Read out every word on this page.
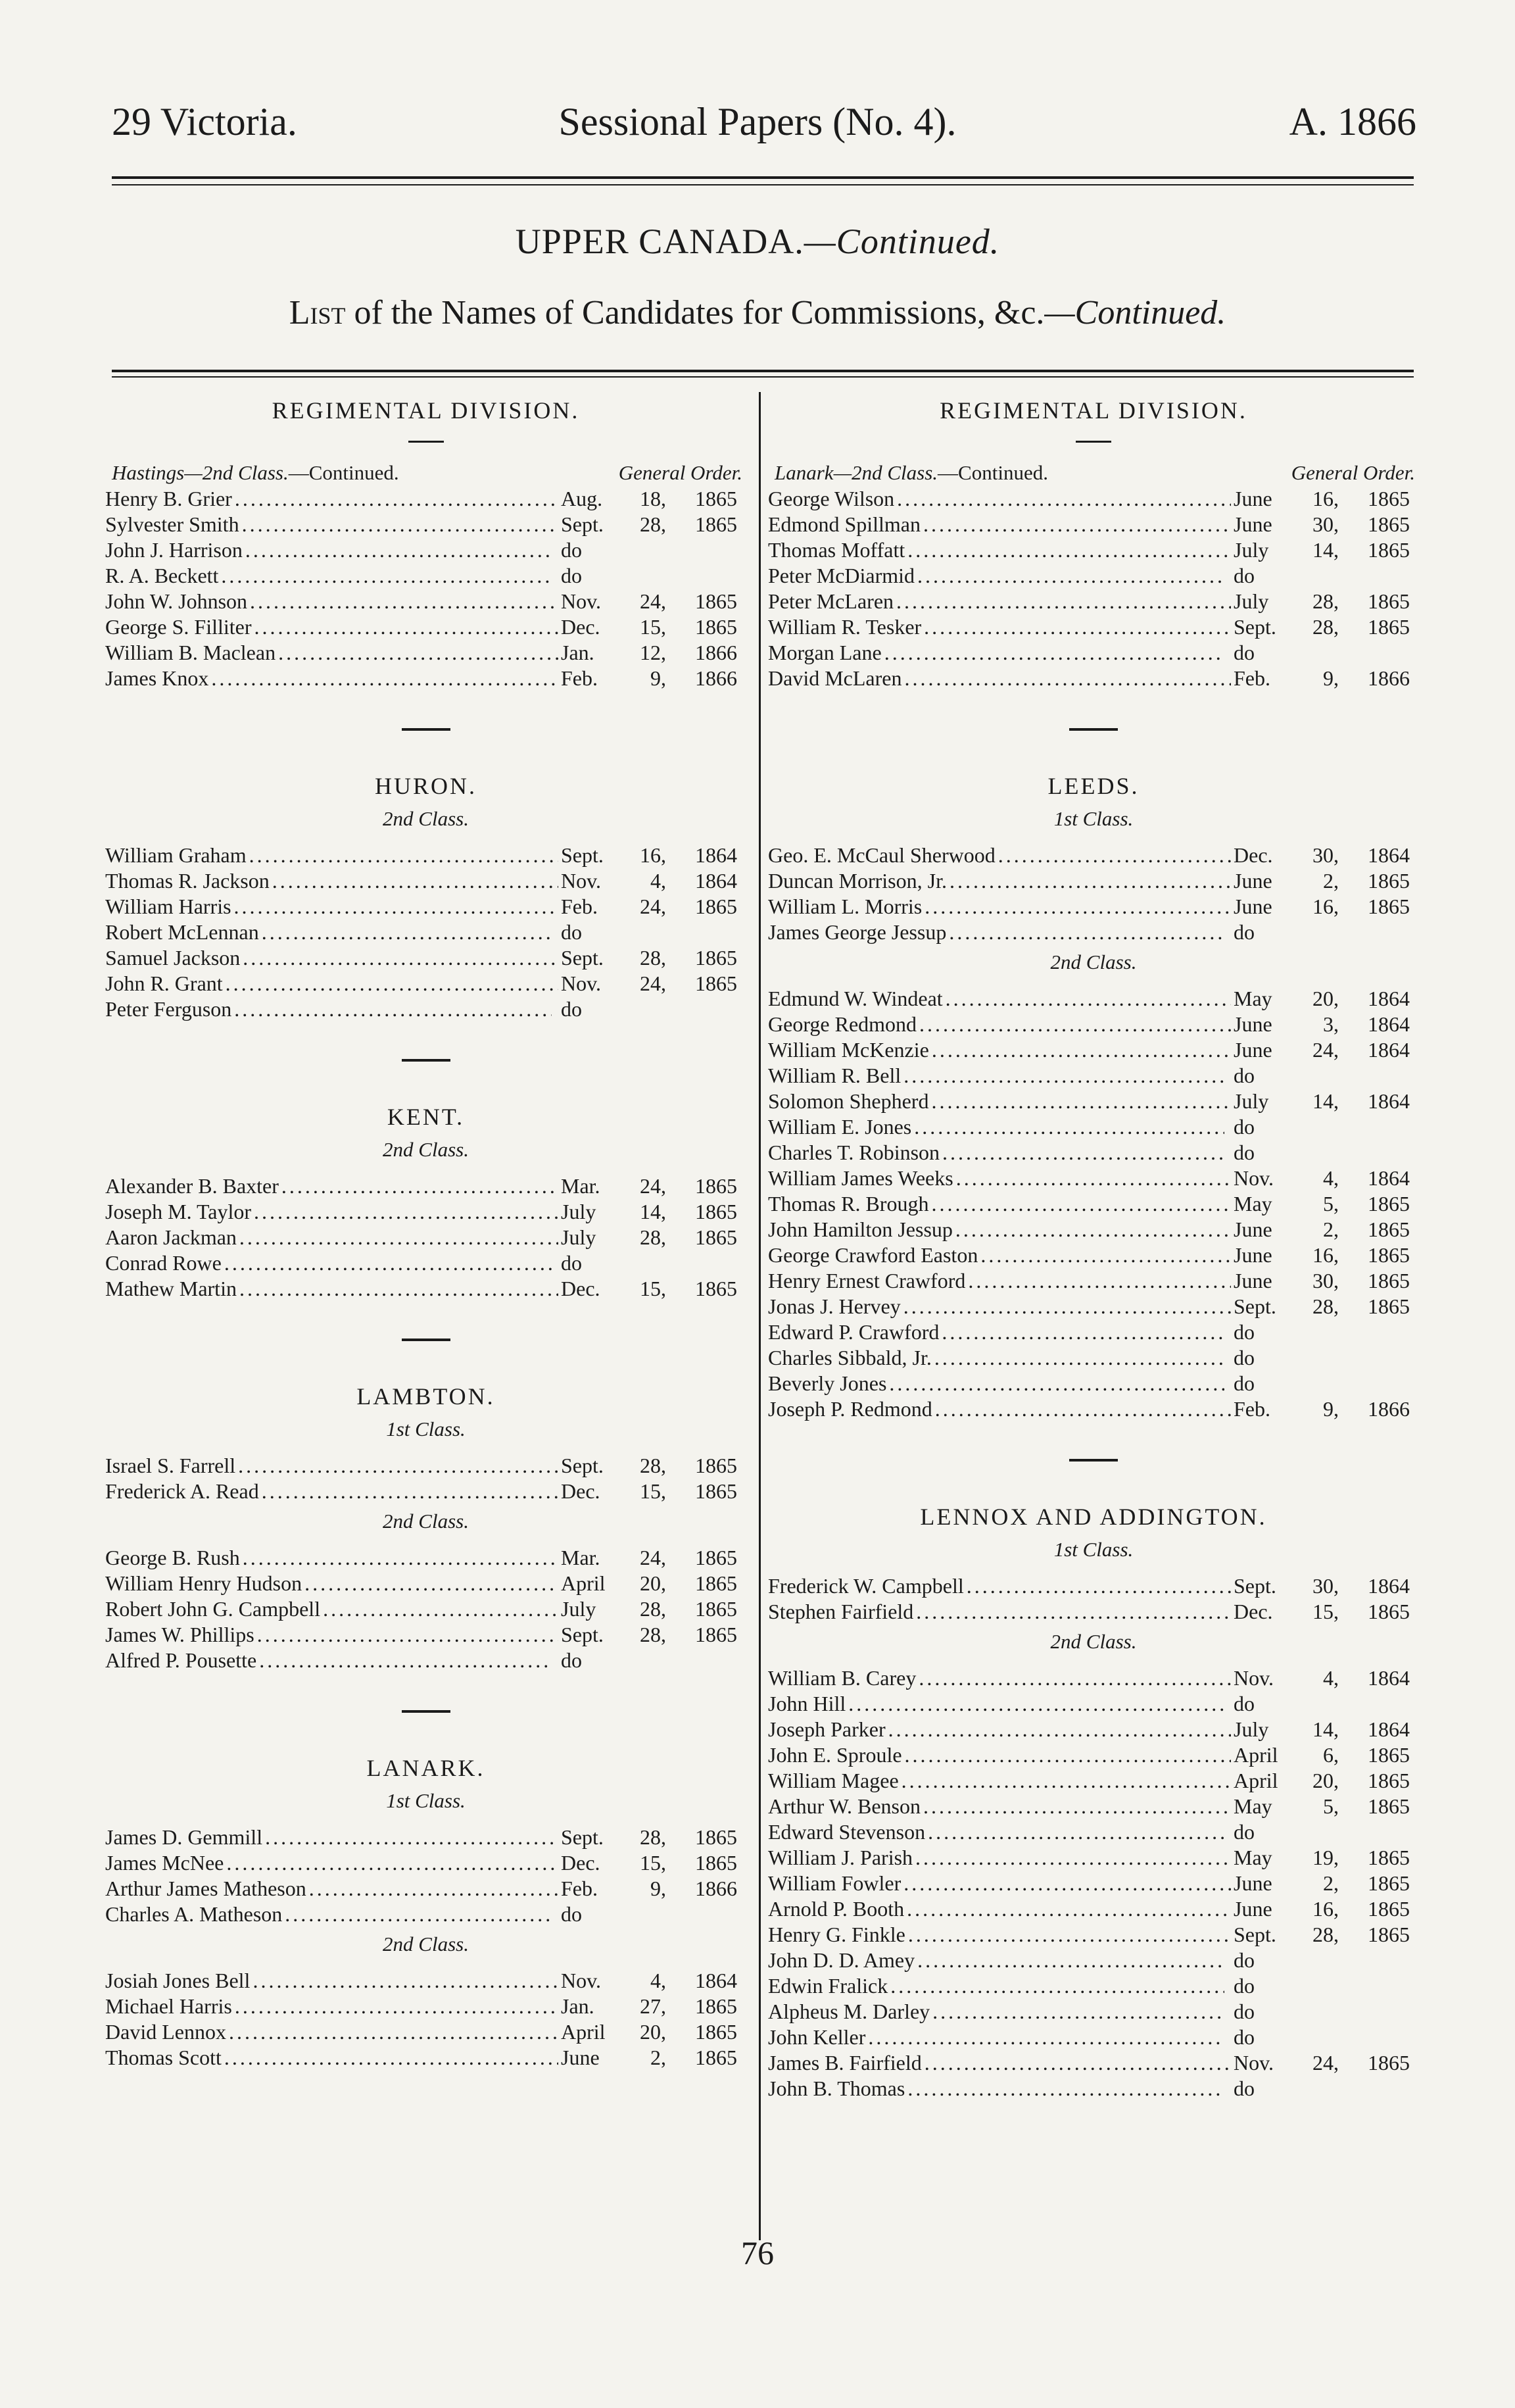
29 Victoria.	Sessional Papers (No. 4).	A. 1866
UPPER CANADA.—Continued.
List of the Names of Candidates for Commissions, &c.—Continued.
REGIMENTAL DIVISION.
Hastings—2nd Class.—Continued.	General Order.
Henry B. Grier .....	Aug.	18,	1865
Sylvester Smith .....	Sept.	28,	1865
John J. Harrison .....	do
R. A. Beckett .....	do
John W. Johnson .....	Nov.	24,	1865
George S. Filliter .....	Dec.	15,	1865
William B. Maclean .....	Jan.	12,	1866
James Knox .....	Feb.	9,	1866
HURON.
2nd Class.
William Graham .....	Sept.	16,	1864
Thomas R. Jackson .....	Nov.	4,	1864
William Harris .....	Feb.	24,	1865
Robert McLennan .....	do
Samuel Jackson .....	Sept.	28,	1865
John R. Grant .....	Nov.	24,	1865
Peter Ferguson .....	do
KENT.
2nd Class.
Alexander B. Baxter .....	Mar.	24,	1865
Joseph M. Taylor .....	July	14,	1865
Aaron Jackman .....	July	28,	1865
Conrad Rowe .....	do
Mathew Martin .....	Dec.	15,	1865
LAMBTON.
1st Class.
Israel S. Farrell .....	Sept.	28,	1865
Frederick A. Read .....	Dec.	15,	1865
2nd Class.
George B. Rush .....	Mar.	24,	1865
William Henry Hudson .....	April	20,	1865
Robert John G. Campbell .....	July	28,	1865
James W. Phillips .....	Sept.	28,	1865
Alfred P. Pousette .....	do
LANARK.
1st Class.
James D. Gemmill .....	Sept.	28,	1865
James McNee .....	Dec.	15,	1865
Arthur James Matheson .....	Feb.	9,	1866
Charles A. Matheson .....	do
2nd Class.
Josiah Jones Bell .....	Nov.	4,	1864
Michael Harris .....	Jan.	27,	1865
David Lennox .....	April	20,	1865
Thomas Scott .....	June	2,	1865
REGIMENTAL DIVISION.
Lanark—2nd Class.—Continued.	General Order.
George Wilson .....	June	16,	1865
Edmond Spillman .....	June	30,	1865
Thomas Moffatt .....	July	14,	1865
Peter McDiarmid .....	do
Peter McLaren .....	July	28,	1865
William R. Tesker .....	Sept.	28,	1865
Morgan Lane .....	do
David McLaren .....	Feb.	9,	1866
LEEDS.
1st Class.
Geo. E. McCaul Sherwood .....	Dec.	30,	1864
Duncan Morrison, Jr. .....	June	2,	1865
William L. Morris .....	June	16,	1865
James George Jessup .....	do
2nd Class.
Edmund W. Windeat .....	May	20,	1864
George Redmond .....	June	3,	1864
William McKenzie .....	June	24,	1864
William R. Bell .....	do
Solomon Shepherd .....	July	14,	1864
William E. Jones .....	do
Charles T. Robinson .....	do
William James Weeks .....	Nov.	4,	1864
Thomas R. Brough .....	May	5,	1865
John Hamilton Jessup .....	June	2,	1865
George Crawford Easton .....	June	16,	1865
Henry Ernest Crawford .....	June	30,	1865
Jonas J. Hervey .....	Sept.	28,	1865
Edward P. Crawford .....	do
Charles Sibbald, Jr. .....	do
Beverly Jones .....	do
Joseph P. Redmond .....	Feb.	9,	1866
LENNOX AND ADDINGTON.
1st Class.
Frederick W. Campbell .....	Sept.	30,	1864
Stephen Fairfield .....	Dec.	15,	1865
2nd Class.
William B. Carey .....	Nov.	4,	1864
John Hill .....	do
Joseph Parker .....	July	14,	1864
John E. Sproule .....	April	6,	1865
William Magee .....	April	20,	1865
Arthur W. Benson .....	May	5,	1865
Edward Stevenson .....	do
William J. Parish .....	May	19,	1865
William Fowler .....	June	2,	1865
Arnold P. Booth .....	June	16,	1865
Henry G. Finkle .....	Sept.	28,	1865
John D. D. Amey .....	do
Edwin Fralick .....	do
Alpheus M. Darley .....	do
John Keller .....	do
James B. Fairfield .....	Nov.	24,	1865
John B. Thomas .....	do
76
